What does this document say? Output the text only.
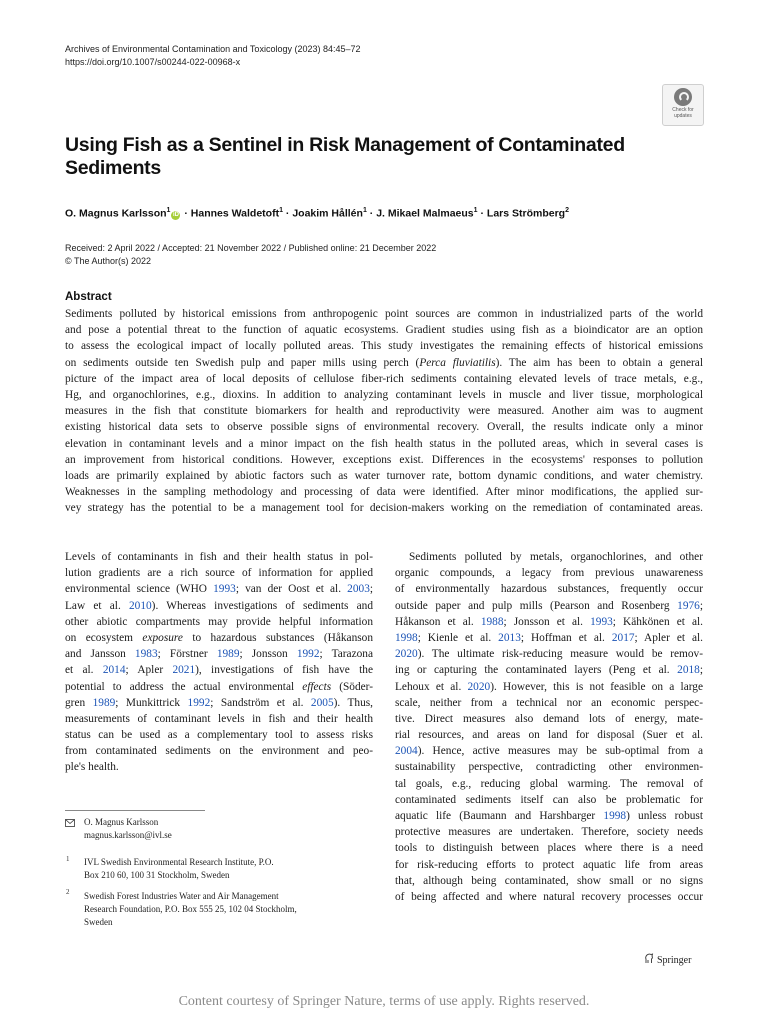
Archives of Environmental Contamination and Toxicology (2023) 84:45–72
https://doi.org/10.1007/s00244-022-00968-x
Check for
updates
Using Fish as a Sentinel in Risk Management of Contaminated
Sediments
O. Magnus Karlsson$^1$iD · Hannes Waldetoft$^1$ · Joakim Hållén$^1$ · J. Mikael Malmaeus$^1$ · Lars Strömberg$^2$
Received: 2 April 2022 / Accepted: 21 November 2022 / Published online: 21 December 2022
© The Author(s) 2022
Abstract
Sediments polluted by historical emissions from anthropogenic point sources are common in industrialized parts of the world
and pose a potential threat to the function of aquatic ecosystems. Gradient studies using fish as a bioindicator are an option
to assess the ecological impact of locally polluted areas. This study investigates the remaining effects of historical emissions
on sediments outside ten Swedish pulp and paper mills using perch (Perca fluviatilis). The aim has been to obtain a general
picture of the impact area of local deposits of cellulose fiber-rich sediments containing elevated levels of trace metals, e.g.,
Hg, and organochlorines, e.g., dioxins. In addition to analyzing contaminant levels in muscle and liver tissue, morphological
measures in the fish that constitute biomarkers for health and reproductivity were measured. Another aim was to augment
existing historical data sets to observe possible signs of environmental recovery. Overall, the results indicate only a minor
elevation in contaminant levels and a minor impact on the fish health status in the polluted areas, which in several cases is
an improvement from historical conditions. However, exceptions exist. Differences in the ecosystems' responses to pollution
loads are primarily explained by abiotic factors such as water turnover rate, bottom dynamic conditions, and water chemistry.
Weaknesses in the sampling methodology and processing of data were identified. After minor modifications, the applied sur-
vey strategy has the potential to be a management tool for decision-makers working on the remediation of contaminated areas.
Levels of contaminants in fish and their health status in pol-
lution gradients are a rich source of information for applied
environmental science (WHO 1993; van der Oost et al. 2003;
Law et al. 2010). Whereas investigations of sediments and
other abiotic compartments may provide helpful information
on ecosystem exposure to hazardous substances (Håkanson
and Jansson 1983; Förstner 1989; Jonsson 1992; Tarazona
et al. 2014; Apler 2021), investigations of fish have the
potential to address the actual environmental effects (Söder-
gren 1989; Munkittrick 1992; Sandström et al. 2005). Thus,
measurements of contaminant levels in fish and their health
status can be used as a complementary tool to assess risks
from contaminated sediments on the environment and peo-
ple's health.
O. Magnus Karlsson
magnus.karlsson@ivl.se
1 IVL Swedish Environmental Research Institute, P.O.
Box 210 60, 100 31 Stockholm, Sweden
2 Swedish Forest Industries Water and Air Management
Research Foundation, P.O. Box 555 25, 102 04 Stockholm,
Sweden
Sediments polluted by metals, organochlorines, and other
organic compounds, a legacy from previous unawareness
of environmentally hazardous substances, frequently occur
outside paper and pulp mills (Pearson and Rosenberg 1976;
Håkanson et al. 1988; Jonsson et al. 1993; Kähkönen et al.
1998; Kienle et al. 2013; Hoffman et al. 2017; Apler et al.
2020). The ultimate risk-reducing measure would be remov-
ing or capturing the contaminated layers (Peng et al. 2018;
Lehoux et al. 2020). However, this is not feasible on a large
scale, neither from a technical nor an economic perspec-
tive. Direct measures also demand lots of energy, mate-
rial resources, and areas on land for disposal (Suer et al.
2004). Hence, active measures may be sub-optimal from a
sustainability perspective, contradicting other environmen-
tal goals, e.g., reducing global warming. The removal of
contaminated sediments itself can also be problematic for
aquatic life (Baumann and Harshbarger 1998) unless robust
protective measures are undertaken. Therefore, society needs
tools to distinguish between places where there is a need
for risk-reducing efforts to protect aquatic life from areas
that, although being contaminated, show small or no signs
of being affected and where natural recovery processes occur
Springer
Content courtesy of Springer Nature, terms of use apply. Rights reserved.
